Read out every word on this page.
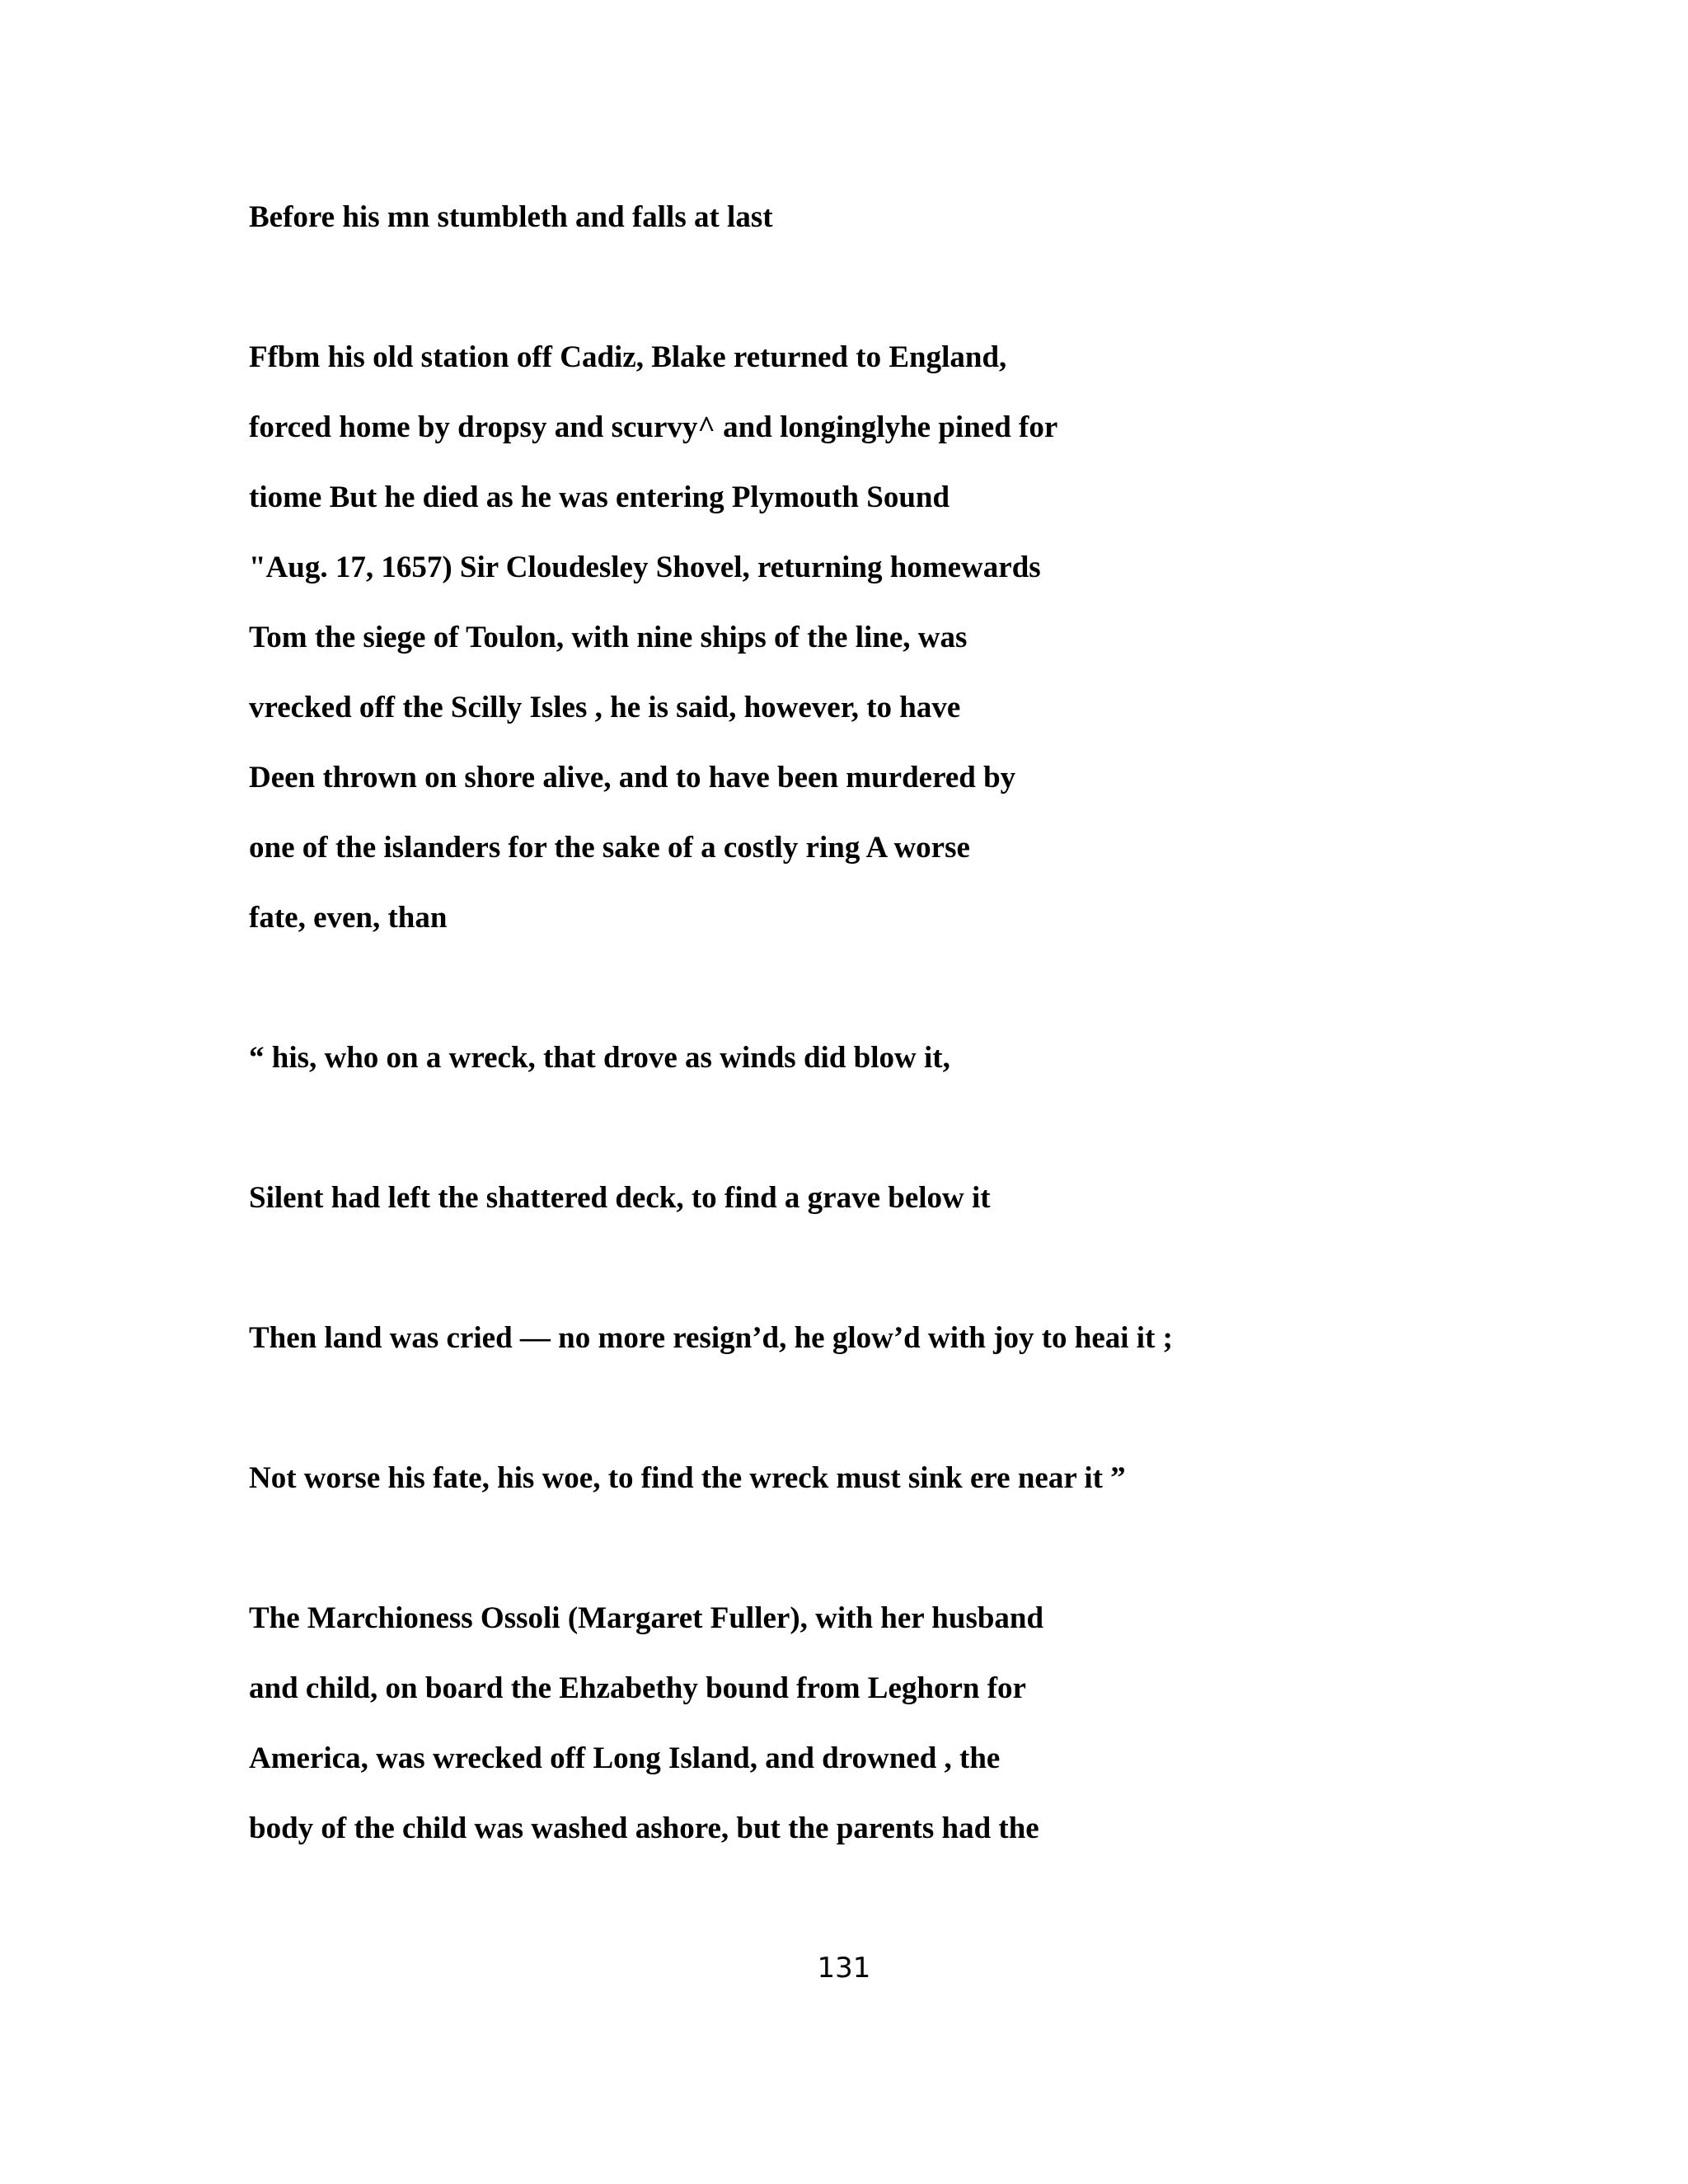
Before his mn stumbleth and falls at last

Ffbm his old station off Cadiz, Blake returned to England,

forced home by dropsy and scurvy^ and longinglyhe pined for

tiome But he died as he was entering Plymouth Sound

"Aug. 17, 1657) Sir Cloudesley Shovel, returning homewards

Tom the siege of Toulon, with nine ships of the line, was

vrecked off the Scilly Isles , he is said, however, to have

Deen thrown on shore alive, and to have been murdered by

one of the islanders for the sake of a costly ring A worse

fate, even, than

“ his, who on a wreck, that drove as winds did blow it,

Silent had left the shattered deck, to find a grave below it

Then land was cried — no more resign’d, he glow’d with joy to heai it ;

Not worse his fate, his woe, to find the wreck must sink ere near it ”

The Marchioness Ossoli (Margaret Fuller), with her husband

and child, on board the Ehzabethy bound from Leghorn for

America, was wrecked off Long Island, and drowned , the

body of the child was washed ashore, but the parents had the

131
